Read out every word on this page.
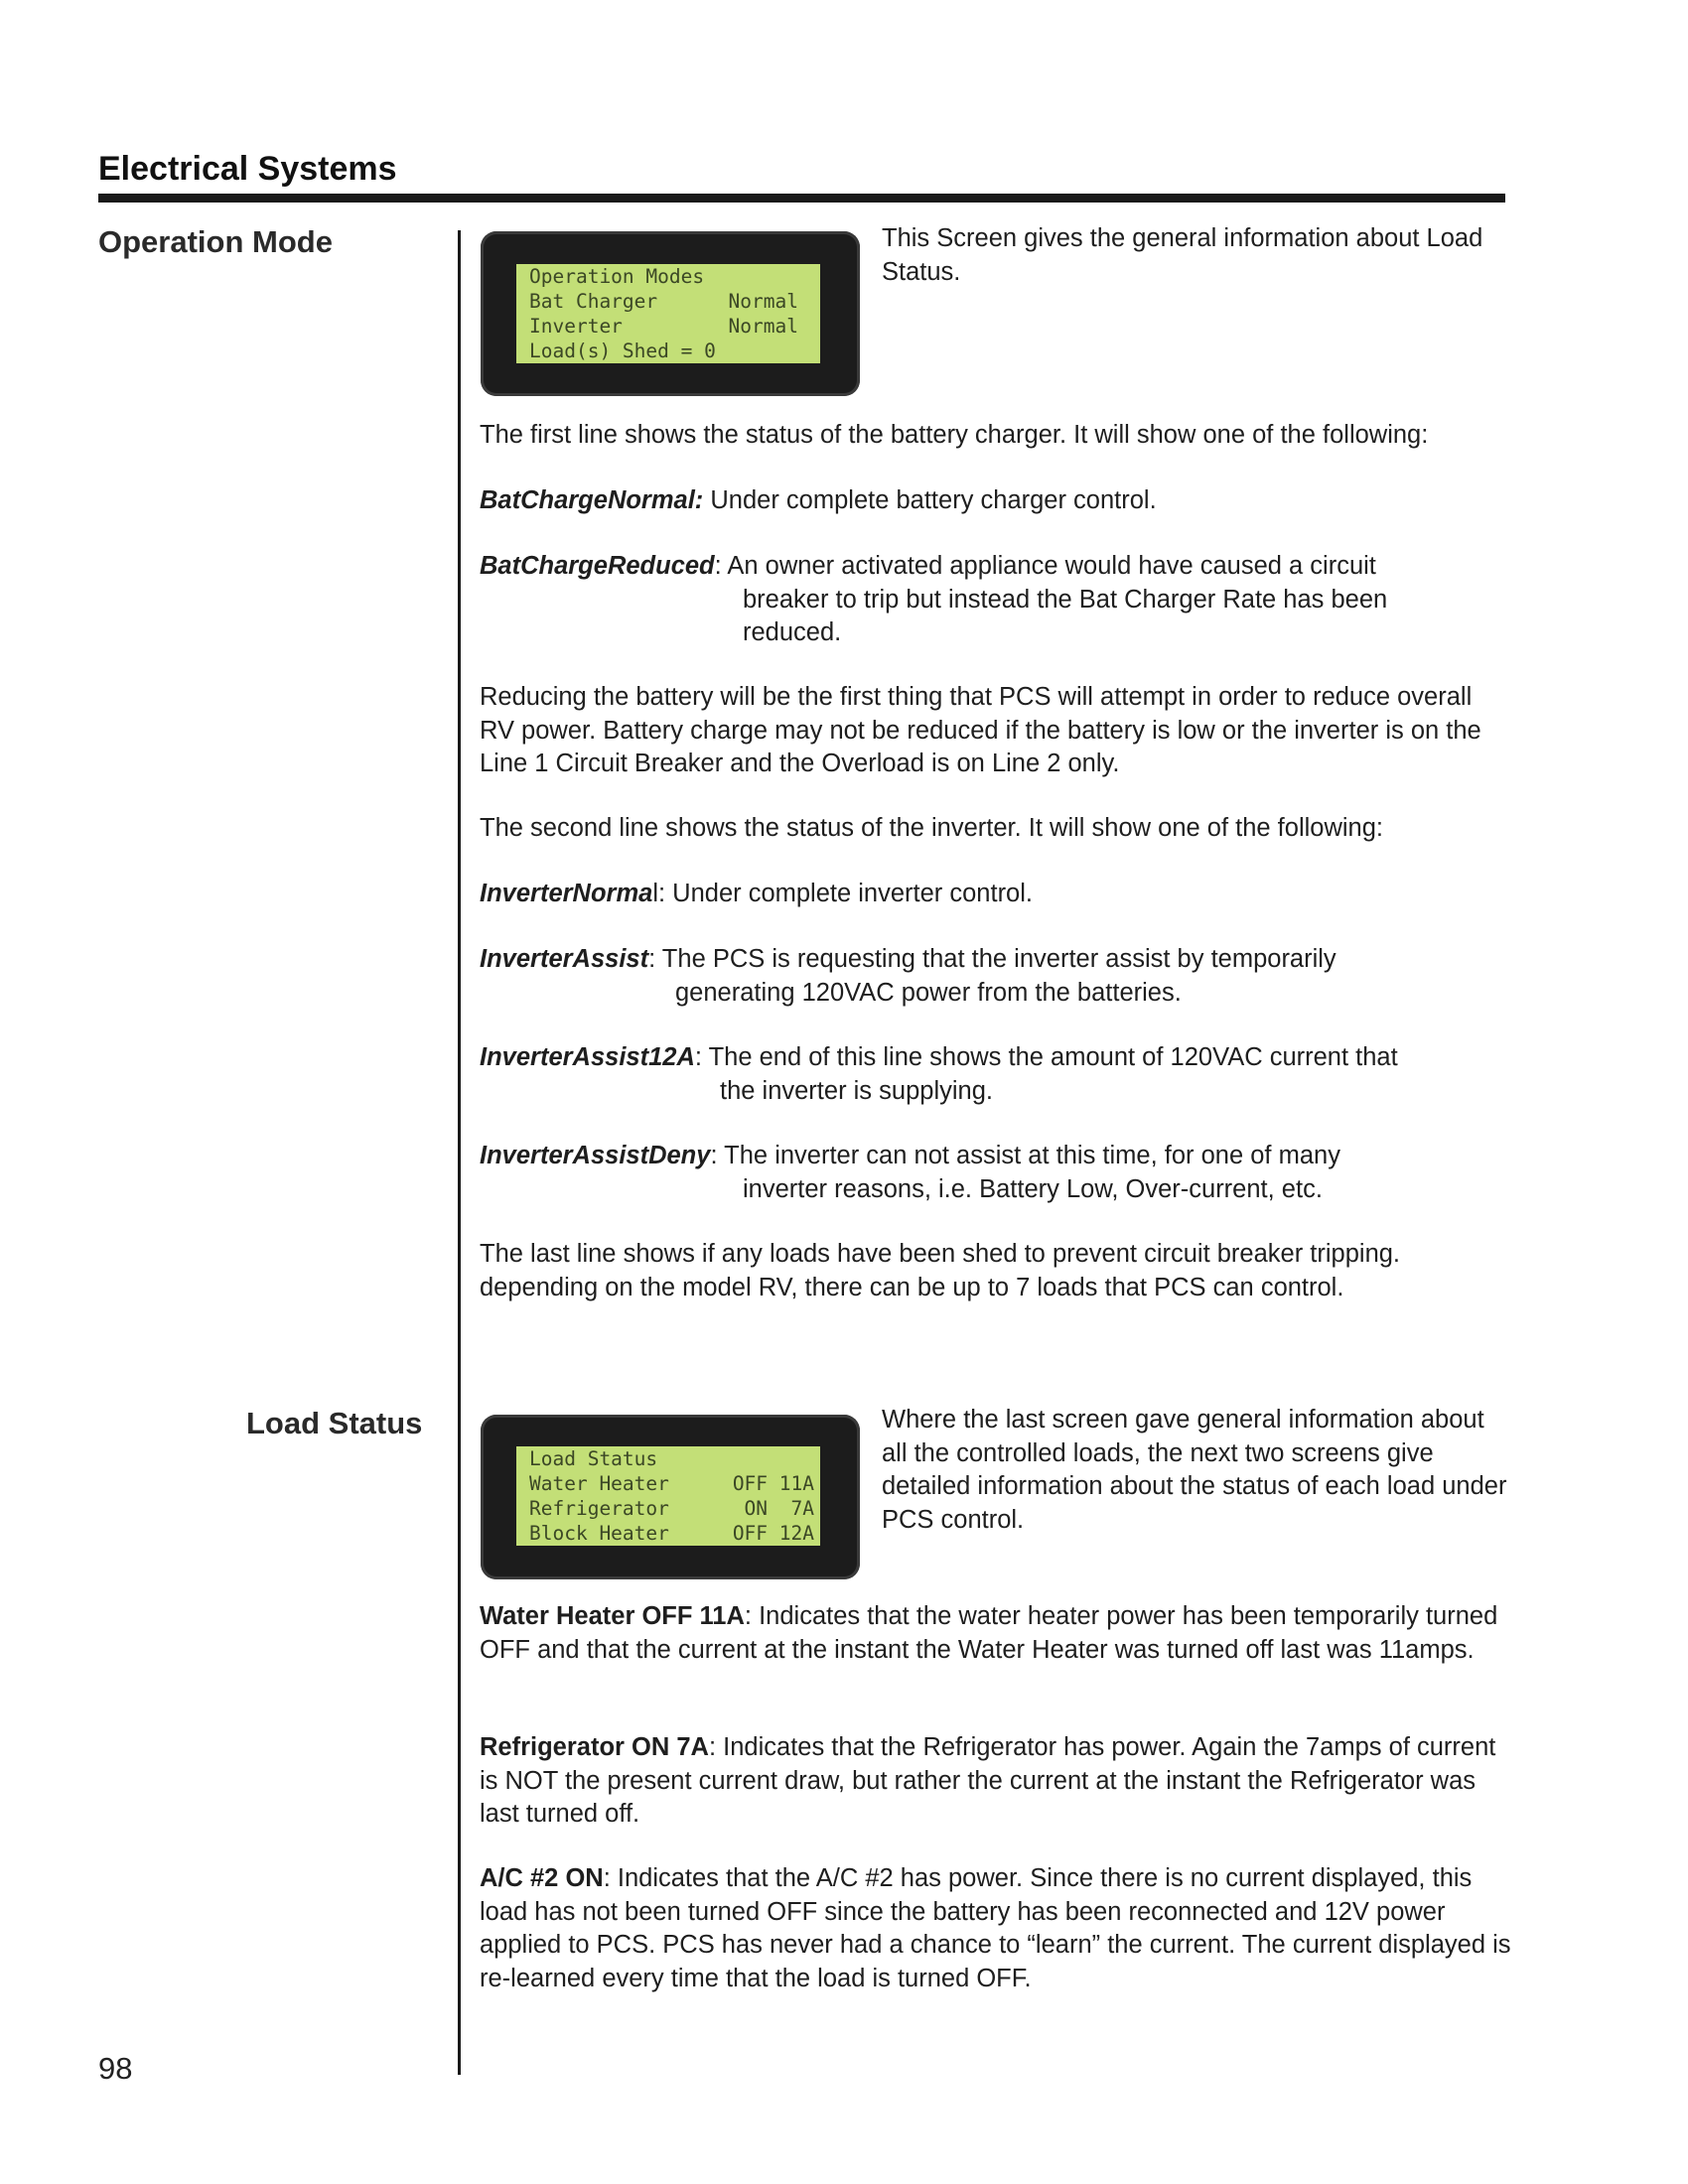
Electrical Systems
Operation Mode
Operation Modes
Bat Charger	Normal
Inverter	Normal
Load(s) Shed = 0
This Screen gives the general information about Load Status.
The first line shows the status of the battery charger. It will show one of the following:
BatChargeNormal: Under complete battery charger control.
BatChargeReduced: An owner activated appliance would have caused a circuit
breaker to trip but instead the Bat Charger Rate has been reduced.
Reducing the battery will be the first thing that PCS will attempt in order to reduce overall RV power. Battery charge may not be reduced if the battery is low or the inverter is on the Line 1 Circuit Breaker and the Overload is on Line 2 only.
The second line shows the status of the inverter. It will show one of the following:
InverterNormal: Under complete inverter control.
InverterAssist: The PCS is requesting that the inverter assist by temporarily
generating 120VAC power from the batteries.
InverterAssist12A: The end of this line shows the amount of 120VAC current that
the inverter is supplying.
InverterAssistDeny: The inverter can not assist at this time, for one of many
inverter reasons, i.e. Battery Low, Over-current, etc.
The last line shows if any loads have been shed to prevent circuit breaker tripping. depending on the model RV, there can be up to 7 loads that PCS can control.
Load Status
Load Status
Water Heater	OFF 11A
Refrigerator	ON  7A
Block Heater	OFF 12A
Where the last screen gave general information about all the controlled loads, the next two screens give detailed information about the status of each load under PCS control.
Water Heater OFF 11A: Indicates that the water heater power has been temporarily turned OFF and that the current at the instant the Water Heater was turned off last was 11amps.
Refrigerator ON 7A: Indicates that the Refrigerator has power. Again the 7amps of current is NOT the present current draw, but rather the current at the instant the Refrigerator was last turned off.
A/C #2 ON: Indicates that the A/C #2 has power. Since there is no current displayed, this load has not been turned OFF since the battery has been reconnected and 12V power applied to PCS. PCS has never had a chance to “learn” the current. The current displayed is re-learned every time that the load is turned OFF.
98
